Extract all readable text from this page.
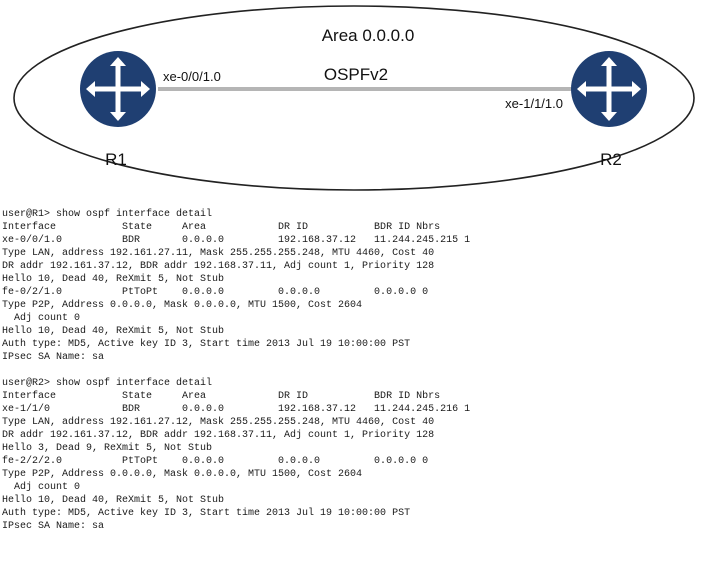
Area 0.0.0.0
OSPFv2
xe-0/0/1.0
xe-1/1/1.0
R1	R2
user@R1> show ospf interface detail
Interface           State     Area            DR ID           BDR ID Nbrs
xe-0/0/1.0          BDR       0.0.0.0         192.168.37.12   11.244.245.215 1
Type LAN, address 192.161.27.11, Mask 255.255.255.248, MTU 4460, Cost 40
DR addr 192.161.37.12, BDR addr 192.168.37.11, Adj count 1, Priority 128
Hello 10, Dead 40, ReXmit 5, Not Stub
fe-0/2/1.0          PtToPt    0.0.0.0         0.0.0.0         0.0.0.0 0
Type P2P, Address 0.0.0.0, Mask 0.0.0.0, MTU 1500, Cost 2604
Adj count 0
Hello 10, Dead 40, ReXmit 5, Not Stub
Auth type: MD5, Active key ID 3, Start time 2013 Jul 19 10:00:00 PST
IPsec SA Name: sa
user@R2> show ospf interface detail
Interface           State     Area            DR ID           BDR ID Nbrs
xe-1/1/0            BDR       0.0.0.0         192.168.37.12   11.244.245.216 1
Type LAN, address 192.161.27.12, Mask 255.255.255.248, MTU 4460, Cost 40
DR addr 192.161.37.12, BDR addr 192.168.37.11, Adj count 1, Priority 128
Hello 3, Dead 9, ReXmit 5, Not Stub
fe-2/2/2.0          PtToPt    0.0.0.0         0.0.0.0         0.0.0.0 0
Type P2P, Address 0.0.0.0, Mask 0.0.0.0, MTU 1500, Cost 2604
Adj count 0
Hello 10, Dead 40, ReXmit 5, Not Stub
Auth type: MD5, Active key ID 3, Start time 2013 Jul 19 10:00:00 PST
IPsec SA Name: sa
